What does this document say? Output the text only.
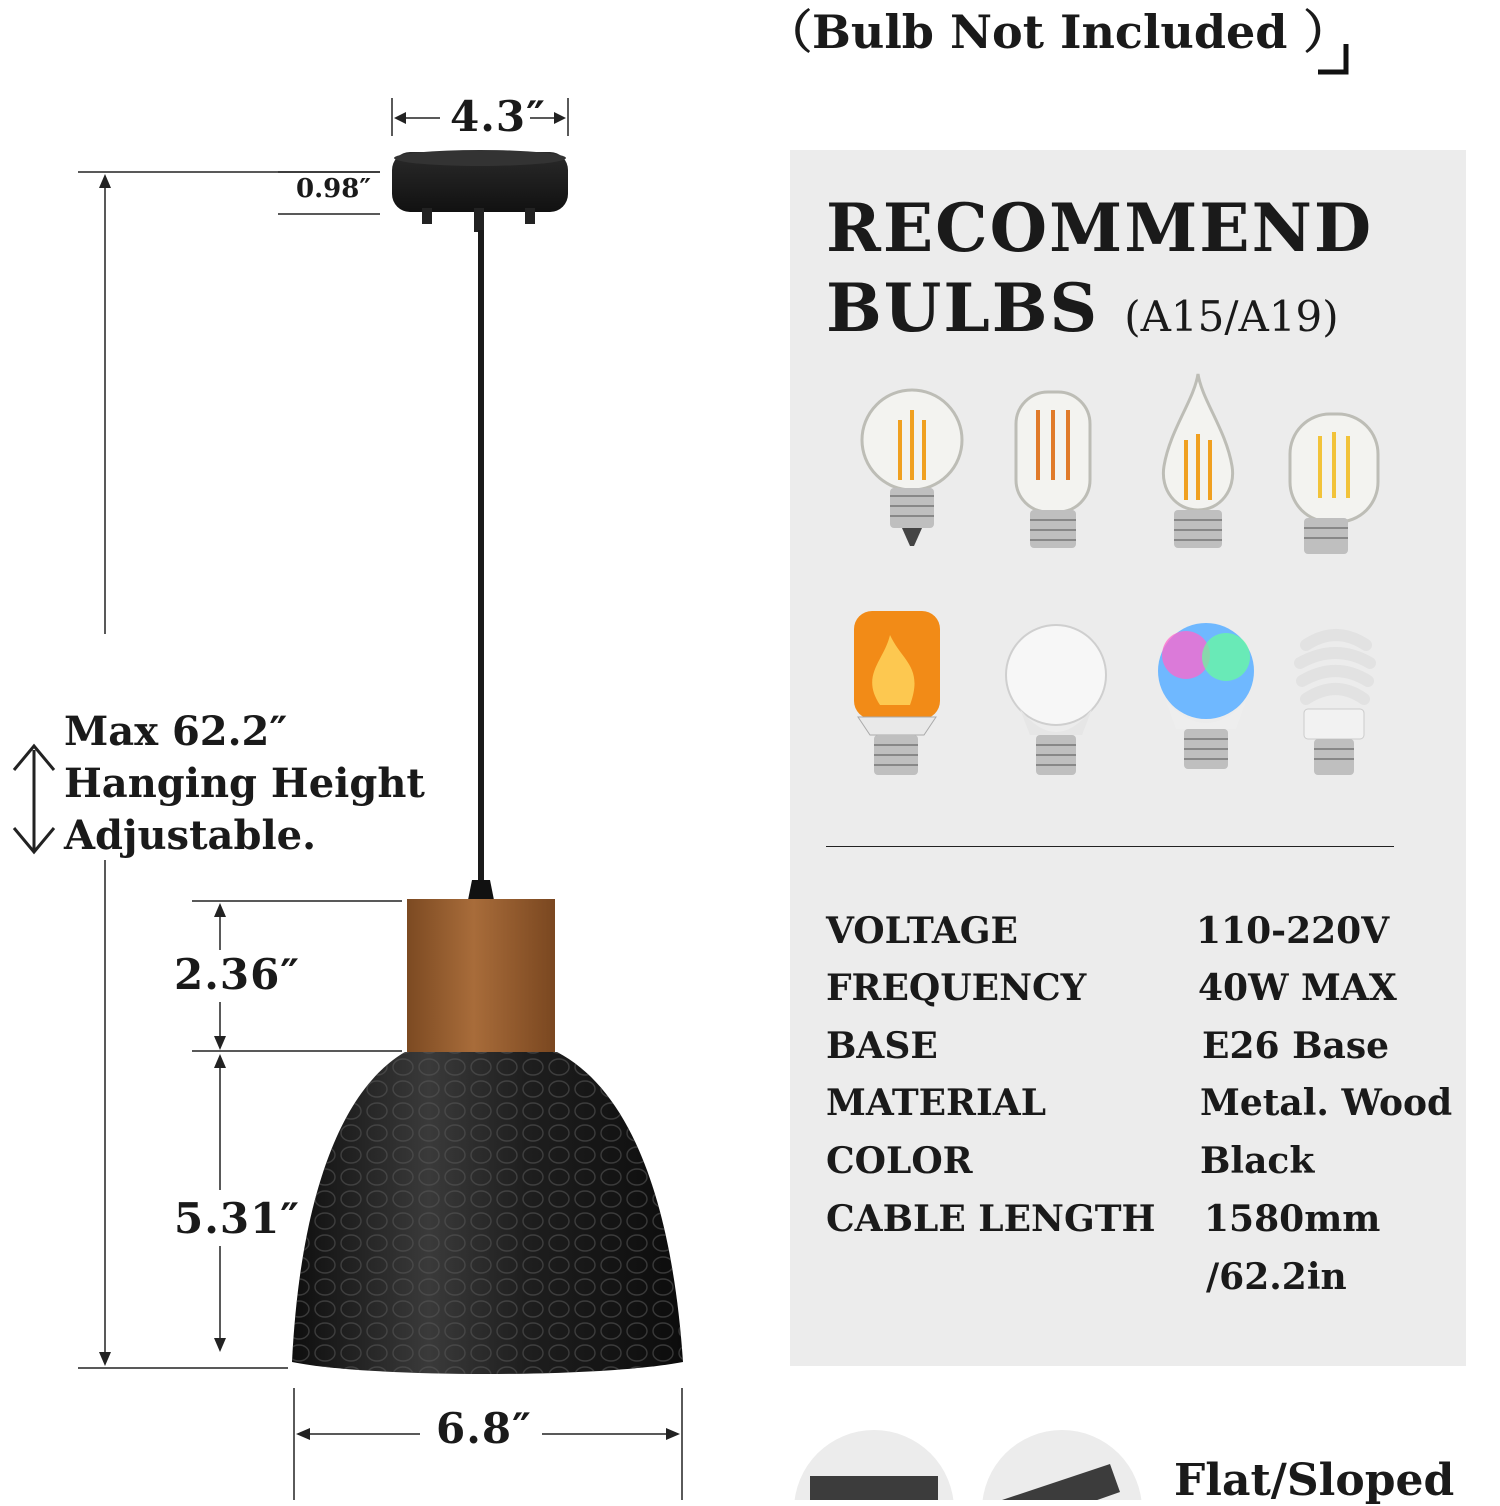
（Bulb Not Included ）
4.3″
0.98″
2.36″
5.31″
6.8″
Max 62.2″
Hanging Height
Adjustable.
RECOMMEND
BULBS (A15/A19)
VOLTAGE	110-220V
FREQUENCY	40W MAX
BASE	E26 Base
MATERIAL	Metal. Wood
COLOR	Black
CABLE LENGTH 1580mm
/62.2in
Flat/Sloped
